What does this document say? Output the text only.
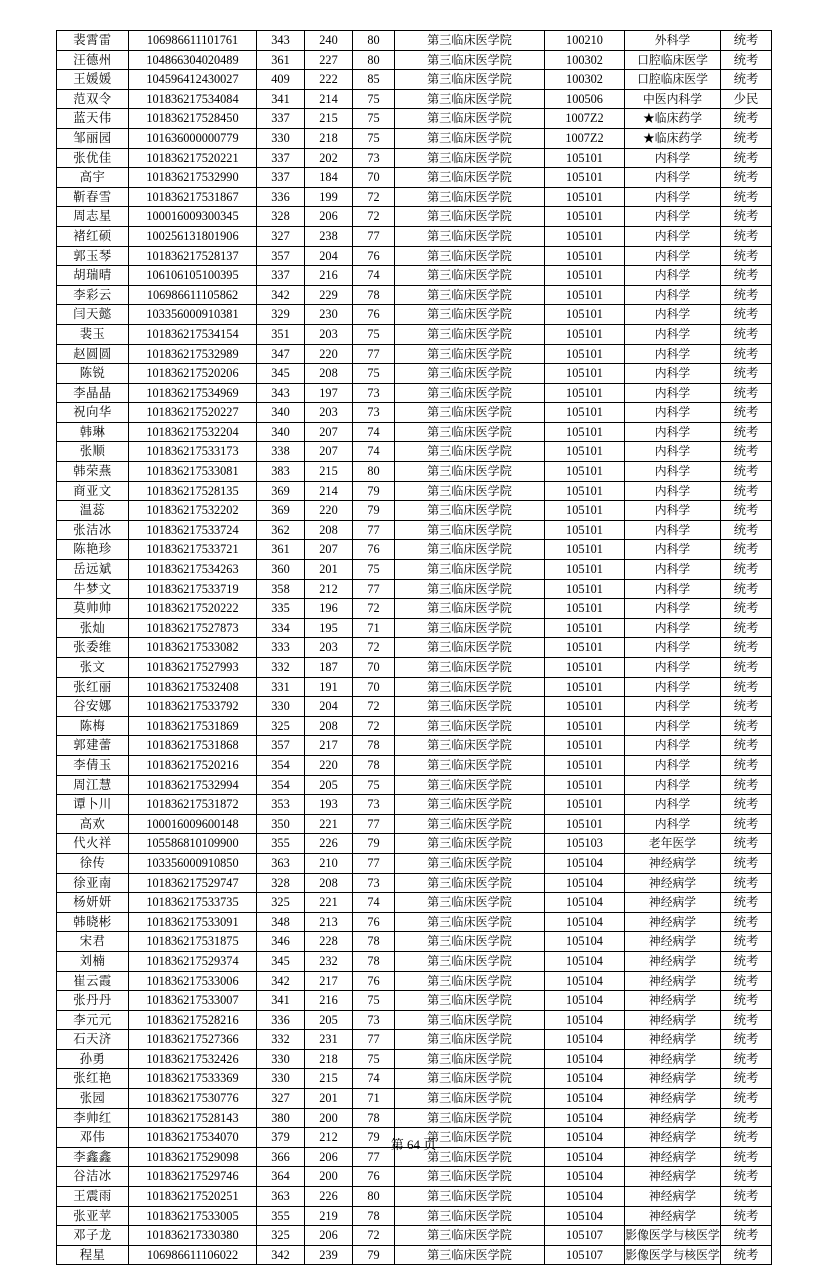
裴霄雷	106986611101761	343	240	80	第三临床医学院	100210	外科学	统考
汪德州	104866304020489	361	227	80	第三临床医学院	100302	口腔临床医学	统考
王媛媛	104596412430027	409	222	85	第三临床医学院	100302	口腔临床医学	统考
范双令	101836217534084	341	214	75	第三临床医学院	100506	中医内科学	少民
蓝天伟	101836217528450	337	215	75	第三临床医学院	1007Z2	★临床药学	统考
邹丽园	101636000000779	330	218	75	第三临床医学院	1007Z2	★临床药学	统考
张优佳	101836217520221	337	202	73	第三临床医学院	105101	内科学	统考
高宇	101836217532990	337	184	70	第三临床医学院	105101	内科学	统考
靳春雪	101836217531867	336	199	72	第三临床医学院	105101	内科学	统考
周志星	100016009300345	328	206	72	第三临床医学院	105101	内科学	统考
褚红硕	100256131801906	327	238	77	第三临床医学院	105101	内科学	统考
郭玉琴	101836217528137	357	204	76	第三临床医学院	105101	内科学	统考
胡瑞晴	106106105100395	337	216	74	第三临床医学院	105101	内科学	统考
李彩云	106986611105862	342	229	78	第三临床医学院	105101	内科学	统考
闫天懿	103356000910381	329	230	76	第三临床医学院	105101	内科学	统考
裴玉	101836217534154	351	203	75	第三临床医学院	105101	内科学	统考
赵圆圆	101836217532989	347	220	77	第三临床医学院	105101	内科学	统考
陈锐	101836217520206	345	208	75	第三临床医学院	105101	内科学	统考
李晶晶	101836217534969	343	197	73	第三临床医学院	105101	内科学	统考
祝向华	101836217520227	340	203	73	第三临床医学院	105101	内科学	统考
韩琳	101836217532204	340	207	74	第三临床医学院	105101	内科学	统考
张顺	101836217533173	338	207	74	第三临床医学院	105101	内科学	统考
韩荣燕	101836217533081	383	215	80	第三临床医学院	105101	内科学	统考
商亚文	101836217528135	369	214	79	第三临床医学院	105101	内科学	统考
温蕊	101836217532202	369	220	79	第三临床医学院	105101	内科学	统考
张洁冰	101836217533724	362	208	77	第三临床医学院	105101	内科学	统考
陈艳珍	101836217533721	361	207	76	第三临床医学院	105101	内科学	统考
岳远斌	101836217534263	360	201	75	第三临床医学院	105101	内科学	统考
牛梦文	101836217533719	358	212	77	第三临床医学院	105101	内科学	统考
莫帅帅	101836217520222	335	196	72	第三临床医学院	105101	内科学	统考
张灿	101836217527873	334	195	71	第三临床医学院	105101	内科学	统考
张委维	101836217533082	333	203	72	第三临床医学院	105101	内科学	统考
张文	101836217527993	332	187	70	第三临床医学院	105101	内科学	统考
张红丽	101836217532408	331	191	70	第三临床医学院	105101	内科学	统考
谷安娜	101836217533792	330	204	72	第三临床医学院	105101	内科学	统考
陈梅	101836217531869	325	208	72	第三临床医学院	105101	内科学	统考
郭建蕾	101836217531868	357	217	78	第三临床医学院	105101	内科学	统考
李倩玉	101836217520216	354	220	78	第三临床医学院	105101	内科学	统考
周江慧	101836217532994	354	205	75	第三临床医学院	105101	内科学	统考
谭卜川	101836217531872	353	193	73	第三临床医学院	105101	内科学	统考
高欢	100016009600148	350	221	77	第三临床医学院	105101	内科学	统考
代火祥	105586810109900	355	226	79	第三临床医学院	105103	老年医学	统考
徐传	103356000910850	363	210	77	第三临床医学院	105104	神经病学	统考
徐亚南	101836217529747	328	208	73	第三临床医学院	105104	神经病学	统考
杨妍妍	101836217533735	325	221	74	第三临床医学院	105104	神经病学	统考
韩晓彬	101836217533091	348	213	76	第三临床医学院	105104	神经病学	统考
宋君	101836217531875	346	228	78	第三临床医学院	105104	神经病学	统考
刘楠	101836217529374	345	232	78	第三临床医学院	105104	神经病学	统考
崔云霞	101836217533006	342	217	76	第三临床医学院	105104	神经病学	统考
张丹丹	101836217533007	341	216	75	第三临床医学院	105104	神经病学	统考
李元元	101836217528216	336	205	73	第三临床医学院	105104	神经病学	统考
石天济	101836217527366	332	231	77	第三临床医学院	105104	神经病学	统考
孙勇	101836217532426	330	218	75	第三临床医学院	105104	神经病学	统考
张红艳	101836217533369	330	215	74	第三临床医学院	105104	神经病学	统考
张园	101836217530776	327	201	71	第三临床医学院	105104	神经病学	统考
李帅红	101836217528143	380	200	78	第三临床医学院	105104	神经病学	统考
邓伟	101836217534070	379	212	79	第三临床医学院	105104	神经病学	统考
李鑫鑫	101836217529098	366	206	77	第三临床医学院	105104	神经病学	统考
谷洁冰	101836217529746	364	200	76	第三临床医学院	105104	神经病学	统考
王震雨	101836217520251	363	226	80	第三临床医学院	105104	神经病学	统考
张亚苹	101836217533005	355	219	78	第三临床医学院	105104	神经病学	统考
邓子龙	101836217330380	325	206	72	第三临床医学院	105107	影像医学与核医学	统考
程星	106986611106022	342	239	79	第三临床医学院	105107	影像医学与核医学	统考
第 64 页
